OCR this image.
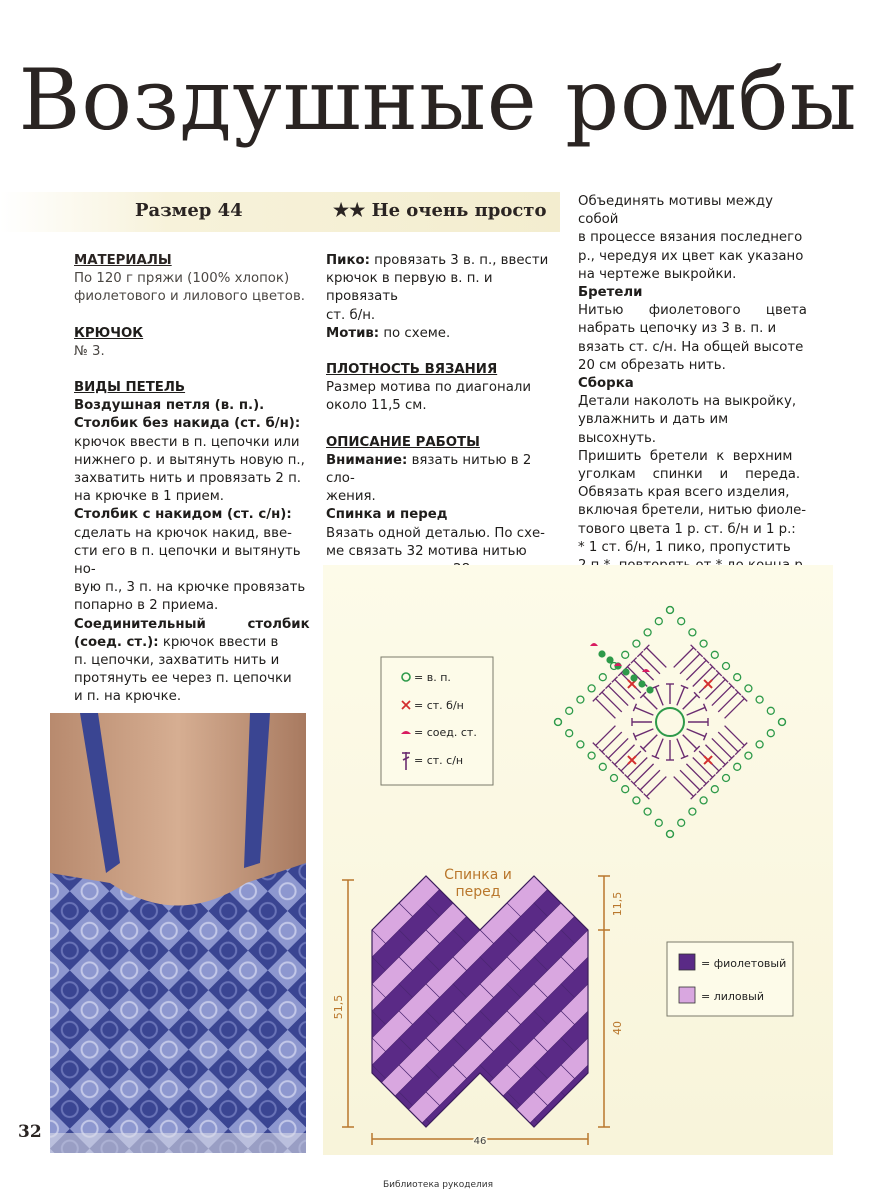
Воздушные ромбы
Размер 44	★★ Не очень просто
МАТЕРИАЛЫ
По 120 г пряжи (100% хлопок)
фиолетового и лилового цветов.
КРЮЧОК
№ 3.
ВИДЫ ПЕТЕЛЬ
Воздушная петля (в. п.).
Столбик без накида (ст. б/н):
крючок ввести в п. цепочки или
нижнего р. и вытянуть новую п.,
захватить нить и провязать 2 п.
на крючке в 1 прием.
Столбик с накидом (ст. с/н):
сделать на крючок накид, вве-
сти его в п. цепочки и вытянуть но-
вую п., 3 п. на крючке провязать
попарно в 2 приема.
Соединительный         столбик
(соед. ст.): крючок ввести в
п. цепочки, захватить нить и
протянуть ее через п. цепочки
и п. на крючке.
Пико: провязать 3 в. п., ввести
крючок в первую в. п. и провязать
ст. б/н.
Мотив: по схеме.
ПЛОТНОСТЬ ВЯЗАНИЯ
Размер мотива по диагонали
около 11,5 см.
ОПИСАНИЕ РАБОТЫ
Внимание: вязать нитью в 2 сло-
жения.
Спинка и перед
Вязать одной деталью. По схе-
ме связать 32 мотива нитью
Объединять мотивы между собой
в процессе вязания последнего
р., чередуя их цвет как указано
на чертеже выкройки.
Бретели
Нитью      фиолетового      цвета
набрать цепочку из 3 в. п. и
вязать ст. с/н. На общей высоте
20 см обрезать нить.
Сборка
Детали наколоть на выкройку,
увлажнить и дать им высохнуть.
Пришить  бретели  к  верхним
уголкам    спинки    и    переда.
Обвязать края всего изделия,
включая бретели, нитью фиоле-
тового цвета 1 р. ст. б/н и 1 р.:
* 1 ст. б/н, 1 пико, пропустить
= в. п.
= ст. б/н
= соед. ст.
= ст. с/н
Спинка и
перед
51,5
11,5
40
46
= фиолетовый
= лиловый
32
Библиотека рукоделия
